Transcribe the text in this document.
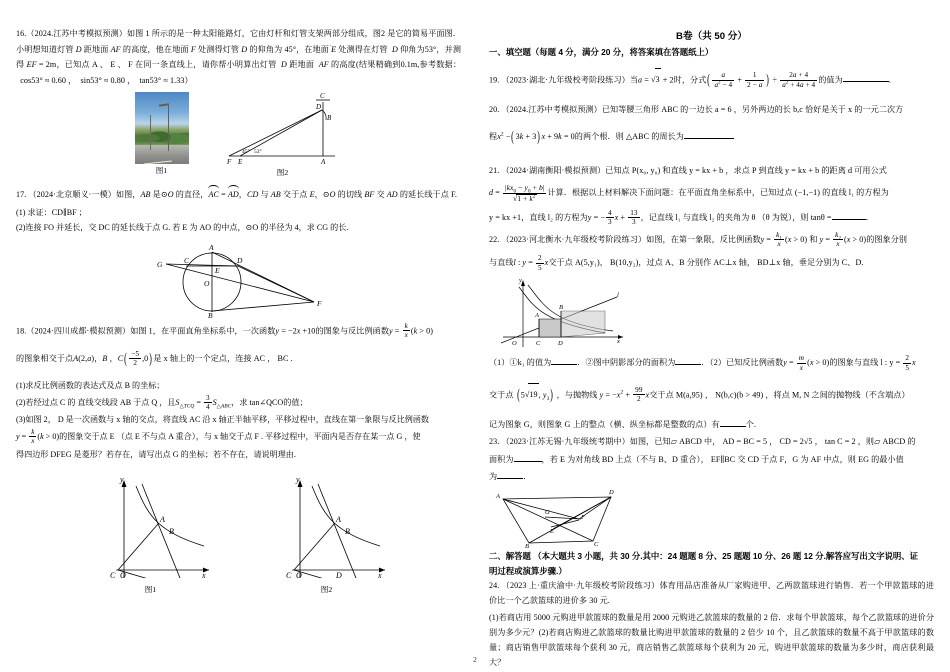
.
16.（2024.江苏中考模拟预测）如图 1 所示的是一种太阳能路灯，它由灯杆和灯管支架两部分组成，图2 是它的简易平面图．小明想知道灯管 D 距地面 AF 的高度，他在地面 F 处测得灯管 D 的仰角为 45°，在地面 E 处测得在灯管  D 仰角为53°，并测得 EF = 2m，已知点 A 、 E 、 F 在同一条直线上，请你帮小明算出灯管  D 距地面  AF 的高度(结果精确到0.1m,参考数据：   cos53° ≈ 0.60 ， sin53° ≈ 0.80 ， tan53° ≈ 1.33）
图1
C
D
B
F E	A
45° 53°
图2
17. （2024·北京顺义·一模）如图，AB 是⊙O 的直径，AC = AD，CD 与 AB 交于点 E，⊙O 的切线 BF 交 AD 的延长线于点 F.
(1) 求证：CD∥BF ；
(2)连接 FO 并延长，交 DC 的延长线于点 G. 若 E 为 AO 的中点，⊙O 的半径为 4，求 CG 的长.
G	C
A
D
E
O
B
F
18.（2024·四川成都·模拟预测）如图 1，在平面直角坐标系中，一次函数y = −2x +10的图象与反比例函数$y = \frac{k}{x} (k > 0)$
的图象相交于点A(2,a)，B ，$C( \frac{-5}{2} ,0)$是 x 轴上的一个定点，连接 AC ， BC .
(1)求反比例函数的表达式及点 B 的坐标；
(2)若经过点 C 的 直线交线段 AB 于点 Q ，且$S_{\triangle TCQ} = \frac{3}{4} S_{\triangle ABC}$，求 tan∠QCO的值；
(3)如图 2， D 是一次函数与 x 轴的交点，将直线 AC 沿 x 轴正半轴平移，平移过程中，直线在第一象限与反比例函数
$y = \frac{k}{x} (k > 0)$的图象交于点 E （点 E 不与点 A 重合），与 x 轴交于点 F . 平移过程中，平面内是否存在某一点 G ，使
得四边形 DFEG 是菱形？若存在，请写出点 G 的坐标；若不存在，请说明理由.
y
A
B
C O	x
图1
y
A
B
C O	D	x
图2
B卷（共 50 分）
一、填空题（每题 4 分，满分 20 分，将答案填在答题纸上）
19. （2023·湖北·九年级校考阶段练习）当a = √3 + 2时，分式( $\frac{a}{a^2 - 4} + \frac{1}{2 - a}$ ) ÷ $\frac{2a + 4}{a^2 + 4a + 4}$ 的值为	．
20. （2024.江苏中考模拟预测）已知等腰三角形 ABC 的一边长 a = 6 ，另外两边的长 b,c 恰好是关于 x 的一元二次方
程$x^2 -(3k + 3)x + 9k = 0$的两个根．则 △ABC 的周长为
21. （2024·湖南衡阳·模拟预测）已知点 P(x₀, y₀) 和直线 y = kx + b ，求点 P 到直线 y = kx + b 的距离 d 可用公式
$d = \frac{|kx_0 - y_0 + b|}{√1 + k^2}$ 计算．根据以上材料解决下面问题：在平面直角坐标系中，已知过点 (−1,−1) 的直线 l₁ 的方程为
y = kx +1，直线 l₂ 的方程为y = − $\frac{4}{3}$ $x + \frac{13}{3}$ ，记直线 l₁ 与直线 l₂ 的夹角为 θ （θ 为锐），则 tanθ =	．
22. （2023·河北衡水·九年级校考阶段练习）如图，在第一象限，反比例函数$y = \frac{k_1}{x} (x > 0)$ 和 $y = \frac{k_2}{x} (x > 0)$的图象分别
与直线l : $y = \frac{2}{5}$ x交于点 A(5,y₁)， B(10,y₂)，过点 A、B 分别作 AC⊥x 轴， BD⊥x 轴，垂足分别为 C、D.
y
B
A
C	D
O	x
l
（1）①k₁ 的值为	．②图中阴影部分的面积为	．（2）已知反比例函数$y = \frac{m}{x} (x > 0)$的图象与直线 l : $y = \frac{2}{5}$ x
交于点 (5√19, $y_3$) ，与抛物线 $y = -x^2 + \frac{99}{2}$ x交于点 M(a,95) ， N(b,c)(b > 49) ，将点 M, N 之间的抛物线（不含端点）
记为图象 G，则图象 G 上的整点（横、纵坐标都是整数的点）有	个.
23. （2023·江苏无锡·九年级统考期中）如图，已知▱ ABCD 中， AD = BC = 5 ， CD = 2√5 ， tan C = 2 ，则▱ ABCD 的
面积为	，若 E 为对角线 BD 上点（不与 B、D 重合）， EF∥BC 交 CD 于点 F，G 为 AF 中点，则 EG 的最小值
为	．
A
D
G
F
E
B	C
二、解答题 （本大题共 3 小题，共 30 分.其中：24 题题 8 分、25 题题 10 分、26 题 12 分.解答应写出文字说明、证
明过程或演算步骤.）
24. （2023 上·重庆渝中·九年级校考阶段练习）体育用品店准备从厂家购进甲、乙两款篮球进行销售．若一个甲款篮球的进价比一个乙款篮球的进价多 30 元.
(1)若商店用 5000 元购进甲款篮球的数量是用 2000 元购进乙款篮球的数量的 2 倍．求每个甲款篮球，每个乙款篮球的进价分别为多少元？(2)若商店购进乙款篮球的数量比购进甲款篮球的数量的 2 倍少 10 个，且乙款篮球的数量不高于甲款篮球的数量；商店销售甲款篮球每个获利 30 元，商店销售乙款篮球每个获利为 20 元，购进甲款篮球的数量为多少时，商店获利最大？
2
